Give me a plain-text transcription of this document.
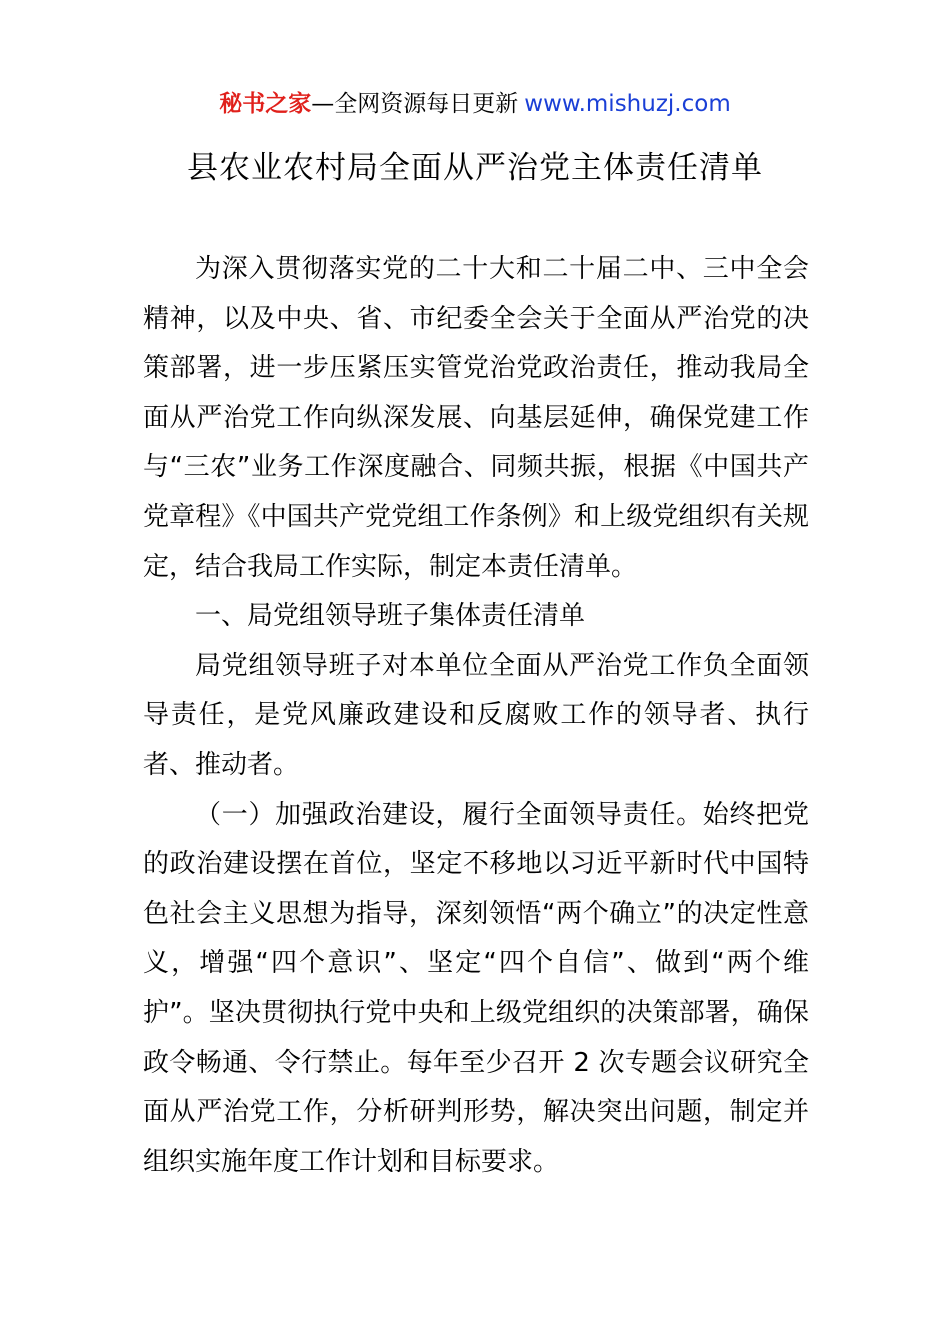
秘书之家—全网资源每日更新 www.mishuzj.com
县农业农村局全面从严治党主体责任清单

为深入贯彻落实党的二十大和二十届二中、三中全会精神，以及中央、省、市纪委全会关于全面从严治党的决策部署，进一步压紧压实管党治党政治责任，推动我局全面从严治党工作向纵深发展、向基层延伸，确保党建工作与“三农”业务工作深度融合、同频共振，根据《中国共产党章程》《中国共产党党组工作条例》和上级党组织有关规定，结合我局工作实际，制定本责任清单。

一、局党组领导班子集体责任清单

局党组领导班子对本单位全面从严治党工作负全面领导责任，是党风廉政建设和反腐败工作的领导者、执行者、推动者。

（一）加强政治建设，履行全面领导责任。始终把党的政治建设摆在首位，坚定不移地以习近平新时代中国特色社会主义思想为指导，深刻领悟“两个确立”的决定性意义，增强“四个意识”、坚定“四个自信”、做到“两个维护”。坚决贯彻执行党中央和上级党组织的决策部署，确保政令畅通、令行禁止。每年至少召开 2 次专题会议研究全面从严治党工作，分析研判形势，解决突出问题，制定并组织实施年度工作计划和目标要求。
